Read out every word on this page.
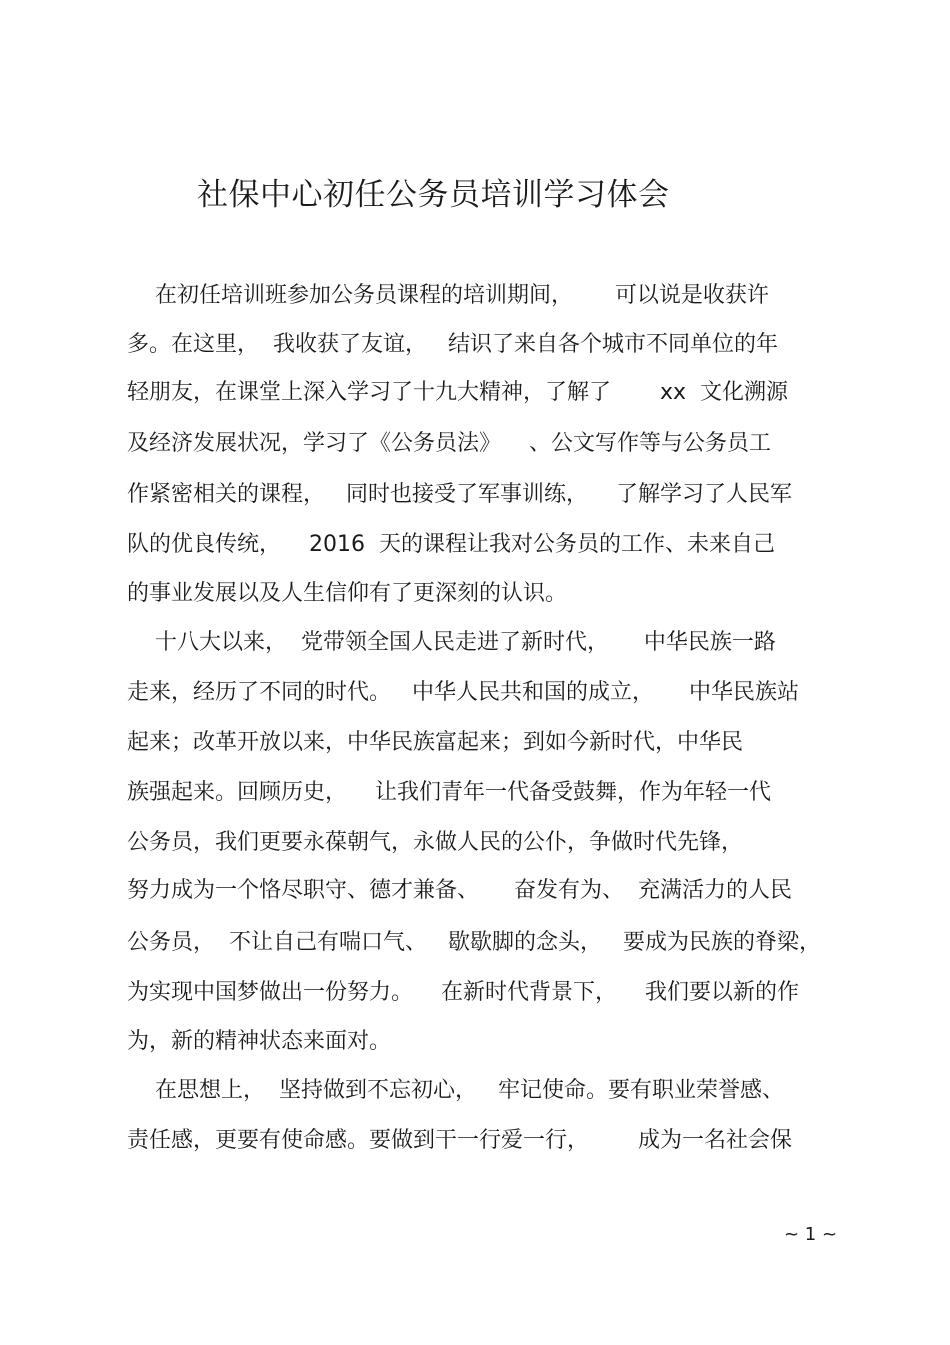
社保中心初任公务员培训学习体会
在初任培训班参加公务员课程的培训期间，      可以说是收获许
多。在这里，  我收获了友谊，   结识了来自各个城市不同单位的年
轻朋友，在课堂上深入学习了十九大精神，了解了       xx  文化溯源
及经济发展状况，学习了《公务员法》    、公文写作等与公务员工
作紧密相关的课程，   同时也接受了军事训练，    了解学习了人民军
队的优良传统，    2016  天的课程让我对公务员的工作、未来自己
的事业发展以及人生信仰有了更深刻的认识。
十八大以来，  党带领全国人民走进了新时代，     中华民族一路
走来，经历了不同的时代。   中华人民共和国的成立，     中华民族站
起来；改革开放以来，中华民族富起来；到如今新时代，中华民
族强起来。回顾历史，    让我们青年一代备受鼓舞，作为年轻一代
公务员，我们更要永葆朝气，永做人民的公仆，争做时代先锋，
努力成为一个恪尽职守、德才兼备、     奋发有为、  充满活力的人民
公务员，  不让自己有喘口气、   歇歇脚的念头，   要成为民族的脊梁，
为实现中国梦做出一份努力。    在新时代背景下，    我们要以新的作
为，新的精神状态来面对。
在思想上，  坚持做到不忘初心，   牢记使命。要有职业荣誉感、
责任感，更要有使命感。要做到干一行爱一行，       成为一名社会保
~ 1 ~
